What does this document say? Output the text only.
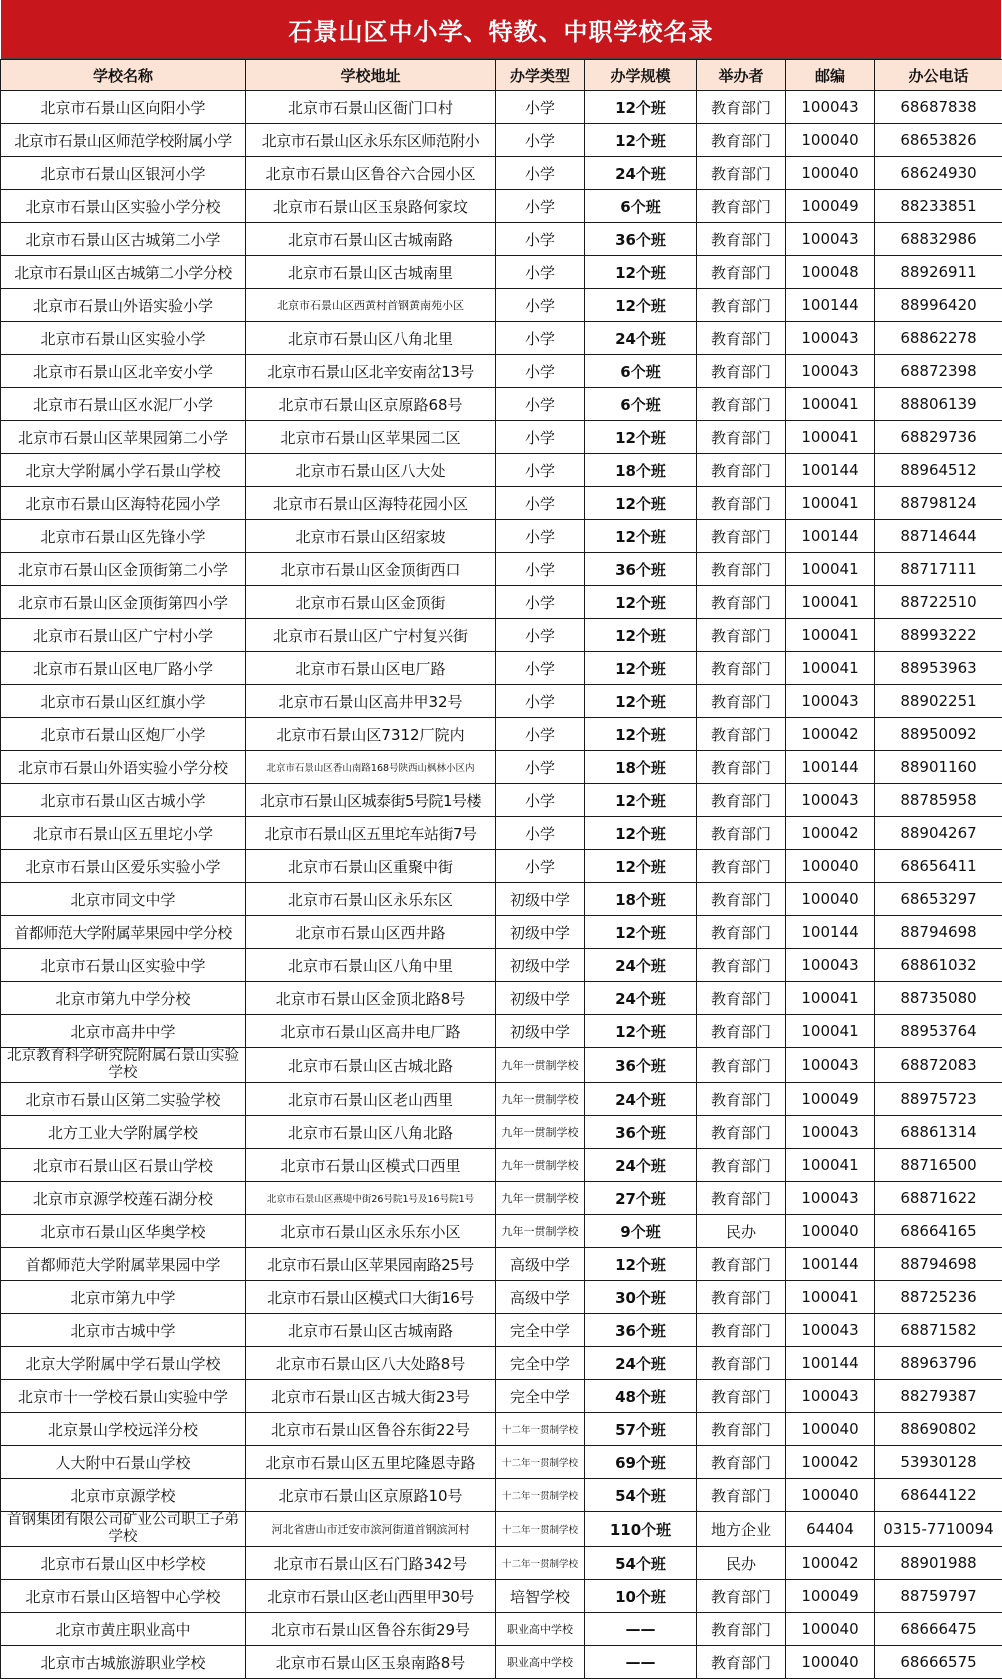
石景山区中小学、特教、中职学校名录
学校名称	学校地址	办学类型	办学规模	举办者	邮编	办公电话
北京市石景山区向阳小学	北京市石景山区衙门口村	小学	12个班	教育部门	100043	68687838
北京市石景山区师范学校附属小学	北京市石景山区永乐东区师范附小	小学	12个班	教育部门	100040	68653826
北京市石景山区银河小学	北京市石景山区鲁谷六合园小区	小学	24个班	教育部门	100040	68624930
北京市石景山区实验小学分校	北京市石景山区玉泉路何家坟	小学	6个班	教育部门	100049	88233851
北京市石景山区古城第二小学	北京市石景山区古城南路	小学	36个班	教育部门	100043	68832986
北京市石景山区古城第二小学分校	北京市石景山区古城南里	小学	12个班	教育部门	100048	88926911
北京市石景山外语实验小学	北京市石景山区西黄村首钢黄南苑小区	小学	12个班	教育部门	100144	88996420
北京市石景山区实验小学	北京市石景山区八角北里	小学	24个班	教育部门	100043	68862278
北京市石景山区北辛安小学	北京市石景山区北辛安南岔13号	小学	6个班	教育部门	100043	68872398
北京市石景山区水泥厂小学	北京市石景山区京原路68号	小学	6个班	教育部门	100041	88806139
北京市石景山区苹果园第二小学	北京市石景山区苹果园二区	小学	12个班	教育部门	100041	68829736
北京大学附属小学石景山学校	北京市石景山区八大处	小学	18个班	教育部门	100144	88964512
北京市石景山区海特花园小学	北京市石景山区海特花园小区	小学	12个班	教育部门	100041	88798124
北京市石景山区先锋小学	北京市石景山区绍家坡	小学	12个班	教育部门	100144	88714644
北京市石景山区金顶街第二小学	北京市石景山区金顶街西口	小学	36个班	教育部门	100041	88717111
北京市石景山区金顶街第四小学	北京市石景山区金顶街	小学	12个班	教育部门	100041	88722510
北京市石景山区广宁村小学	北京市石景山区广宁村复兴街	小学	12个班	教育部门	100041	88993222
北京市石景山区电厂路小学	北京市石景山区电厂路	小学	12个班	教育部门	100041	88953963
北京市石景山区红旗小学	北京市石景山区高井甲32号	小学	12个班	教育部门	100043	88902251
北京市石景山区炮厂小学	北京市石景山区7312厂院内	小学	12个班	教育部门	100042	88950092
北京市石景山外语实验小学分校	北京市石景山区香山南路168号陕西山枫林小区内	小学	18个班	教育部门	100144	88901160
北京市石景山区古城小学	北京市石景山区城泰街5号院1号楼	小学	12个班	教育部门	100043	88785958
北京市石景山区五里坨小学	北京市石景山区五里坨车站街7号	小学	12个班	教育部门	100042	88904267
北京市石景山区爱乐实验小学	北京市石景山区重聚中街	小学	12个班	教育部门	100040	68656411
北京市同文中学	北京市石景山区永乐东区	初级中学	18个班	教育部门	100040	68653297
首都师范大学附属苹果园中学分校	北京市石景山区西井路	初级中学	12个班	教育部门	100144	88794698
北京市石景山区实验中学	北京市石景山区八角中里	初级中学	24个班	教育部门	100043	68861032
北京市第九中学分校	北京市石景山区金顶北路8号	初级中学	24个班	教育部门	100041	88735080
北京市高井中学	北京市石景山区高井电厂路	初级中学	12个班	教育部门	100041	88953764
北京教育科学研究院附属石景山实验学校	北京市石景山区古城北路	九年一贯制学校	36个班	教育部门	100043	68872083
北京市石景山区第二实验学校	北京市石景山区老山西里	九年一贯制学校	24个班	教育部门	100049	88975723
北方工业大学附属学校	北京市石景山区八角北路	九年一贯制学校	36个班	教育部门	100043	68861314
北京市石景山区石景山学校	北京市石景山区模式口西里	九年一贯制学校	24个班	教育部门	100041	88716500
北京市京源学校莲石湖分校	北京市石景山区燕堤中街26号院1号及16号院1号	九年一贯制学校	27个班	教育部门	100043	68871622
北京市石景山区华奥学校	北京市石景山区永乐东小区	九年一贯制学校	9个班	民办	100040	68664165
首都师范大学附属苹果园中学	北京市石景山区苹果园南路25号	高级中学	12个班	教育部门	100144	88794698
北京市第九中学	北京市石景山区模式口大街16号	高级中学	30个班	教育部门	100041	88725236
北京市古城中学	北京市石景山区古城南路	完全中学	36个班	教育部门	100043	68871582
北京大学附属中学石景山学校	北京市石景山区八大处路8号	完全中学	24个班	教育部门	100144	88963796
北京市十一学校石景山实验中学	北京市石景山区古城大街23号	完全中学	48个班	教育部门	100043	88279387
北京景山学校远洋分校	北京市石景山区鲁谷东街22号	十二年一贯制学校	57个班	教育部门	100040	88690802
人大附中石景山学校	北京市石景山区五里坨隆恩寺路	十二年一贯制学校	69个班	教育部门	100042	53930128
北京市京源学校	北京市石景山区京原路10号	十二年一贯制学校	54个班	教育部门	100040	68644122
首钢集团有限公司矿业公司职工子弟学校	河北省唐山市迁安市滨河街道首钢滨河村	十二年一贯制学校	110个班	地方企业	64404	0315-7710094
北京市石景山区中杉学校	北京市石景山区石门路342号	十二年一贯制学校	54个班	民办	100042	88901988
北京市石景山区培智中心学校	北京市石景山区老山西里甲30号	培智学校	10个班	教育部门	100049	88759797
北京市黄庄职业高中	北京市石景山区鲁谷东街29号	职业高中学校	——	教育部门	100040	68666475
北京市古城旅游职业学校	北京市石景山区玉泉南路8号	职业高中学校	——	教育部门	100040	68666575
